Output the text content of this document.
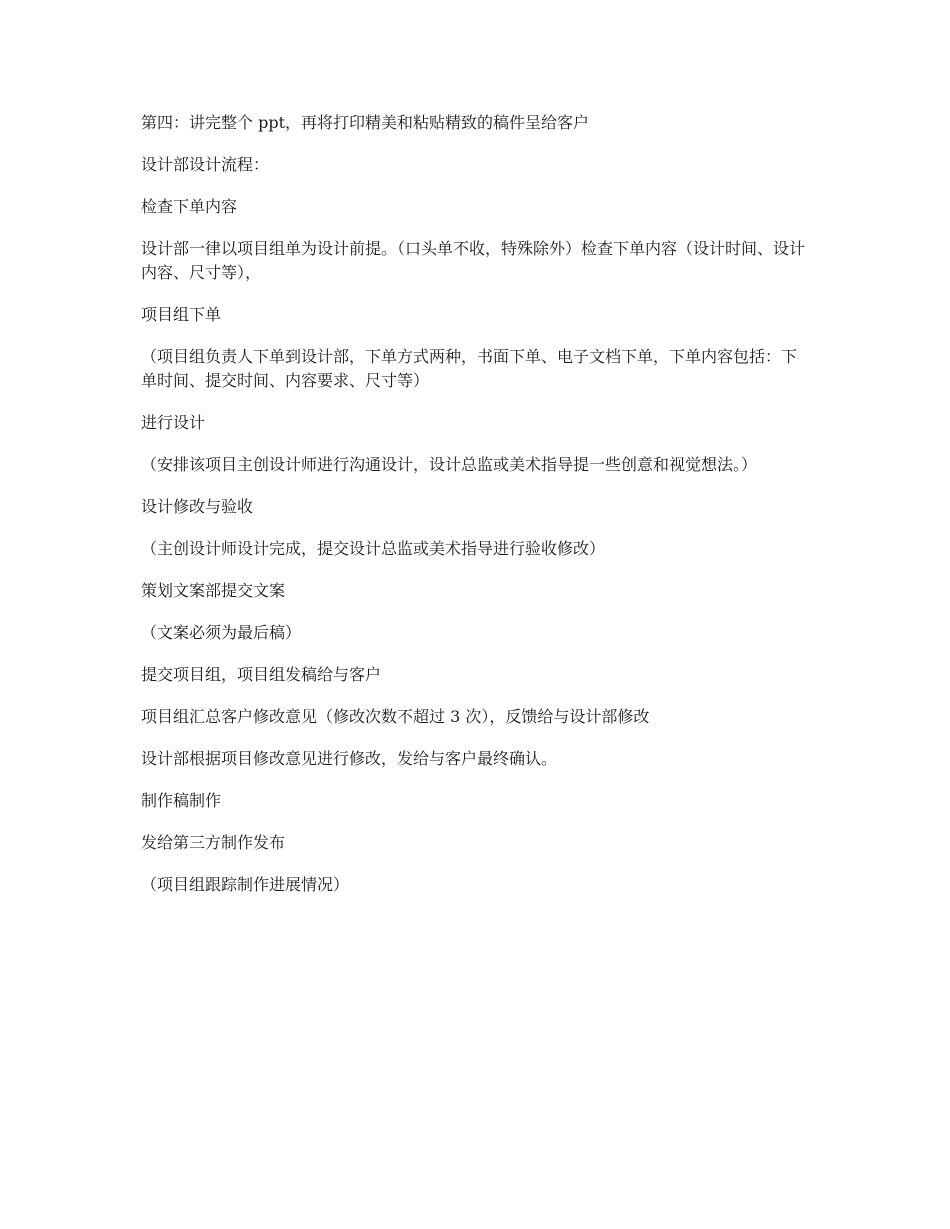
第四：讲完整个 ppt，再将打印精美和粘贴精致的稿件呈给客户

设计部设计流程：

检查下单内容

设计部一律以项目组单为设计前提。（口头单不收，特殊除外）检查下单内容（设计时间、设计内容、尺寸等），

项目组下单

（项目组负责人下单到设计部，下单方式两种，书面下单、电子文档下单，下单内容包括：下单时间、提交时间、内容要求、尺寸等）

进行设计

（安排该项目主创设计师进行沟通设计，设计总监或美术指导提一些创意和视觉想法。）

设计修改与验收

（主创设计师设计完成，提交设计总监或美术指导进行验收修改）

策划文案部提交文案

（文案必须为最后稿）

提交项目组，项目组发稿给与客户

项目组汇总客户修改意见（修改次数不超过 3 次），反馈给与设计部修改

设计部根据项目修改意见进行修改，发给与客户最终确认。

制作稿制作

发给第三方制作发布

（项目组跟踪制作进展情况）
